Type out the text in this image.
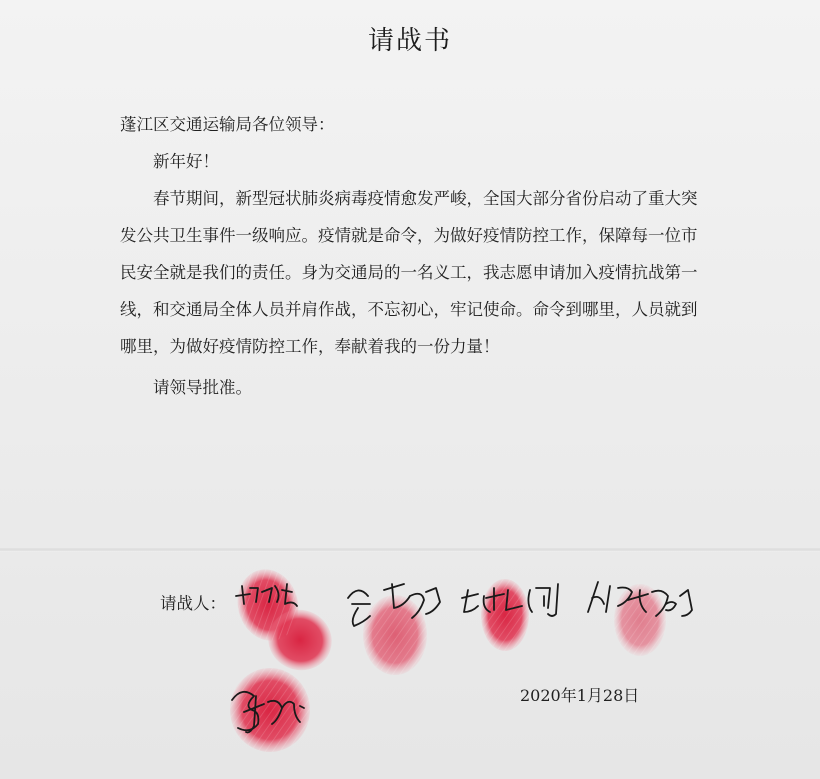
请战书

蓬江区交通运输局各位领导：

新年好！

春节期间，新型冠状肺炎病毒疫情愈发严峻，全国大部分省份启动了重大突发公共卫生事件一级响应。疫情就是命令，为做好疫情防控工作，保障每一位市民安全就是我们的责任。身为交通局的一名义工，我志愿申请加入疫情抗战第一线，和交通局全体人员并肩作战，不忘初心，牢记使命。命令到哪里，人员就到哪里，为做好疫情防控工作，奉献着我的一份力量！

请领导批准。

请战人：
2020年1月28日
